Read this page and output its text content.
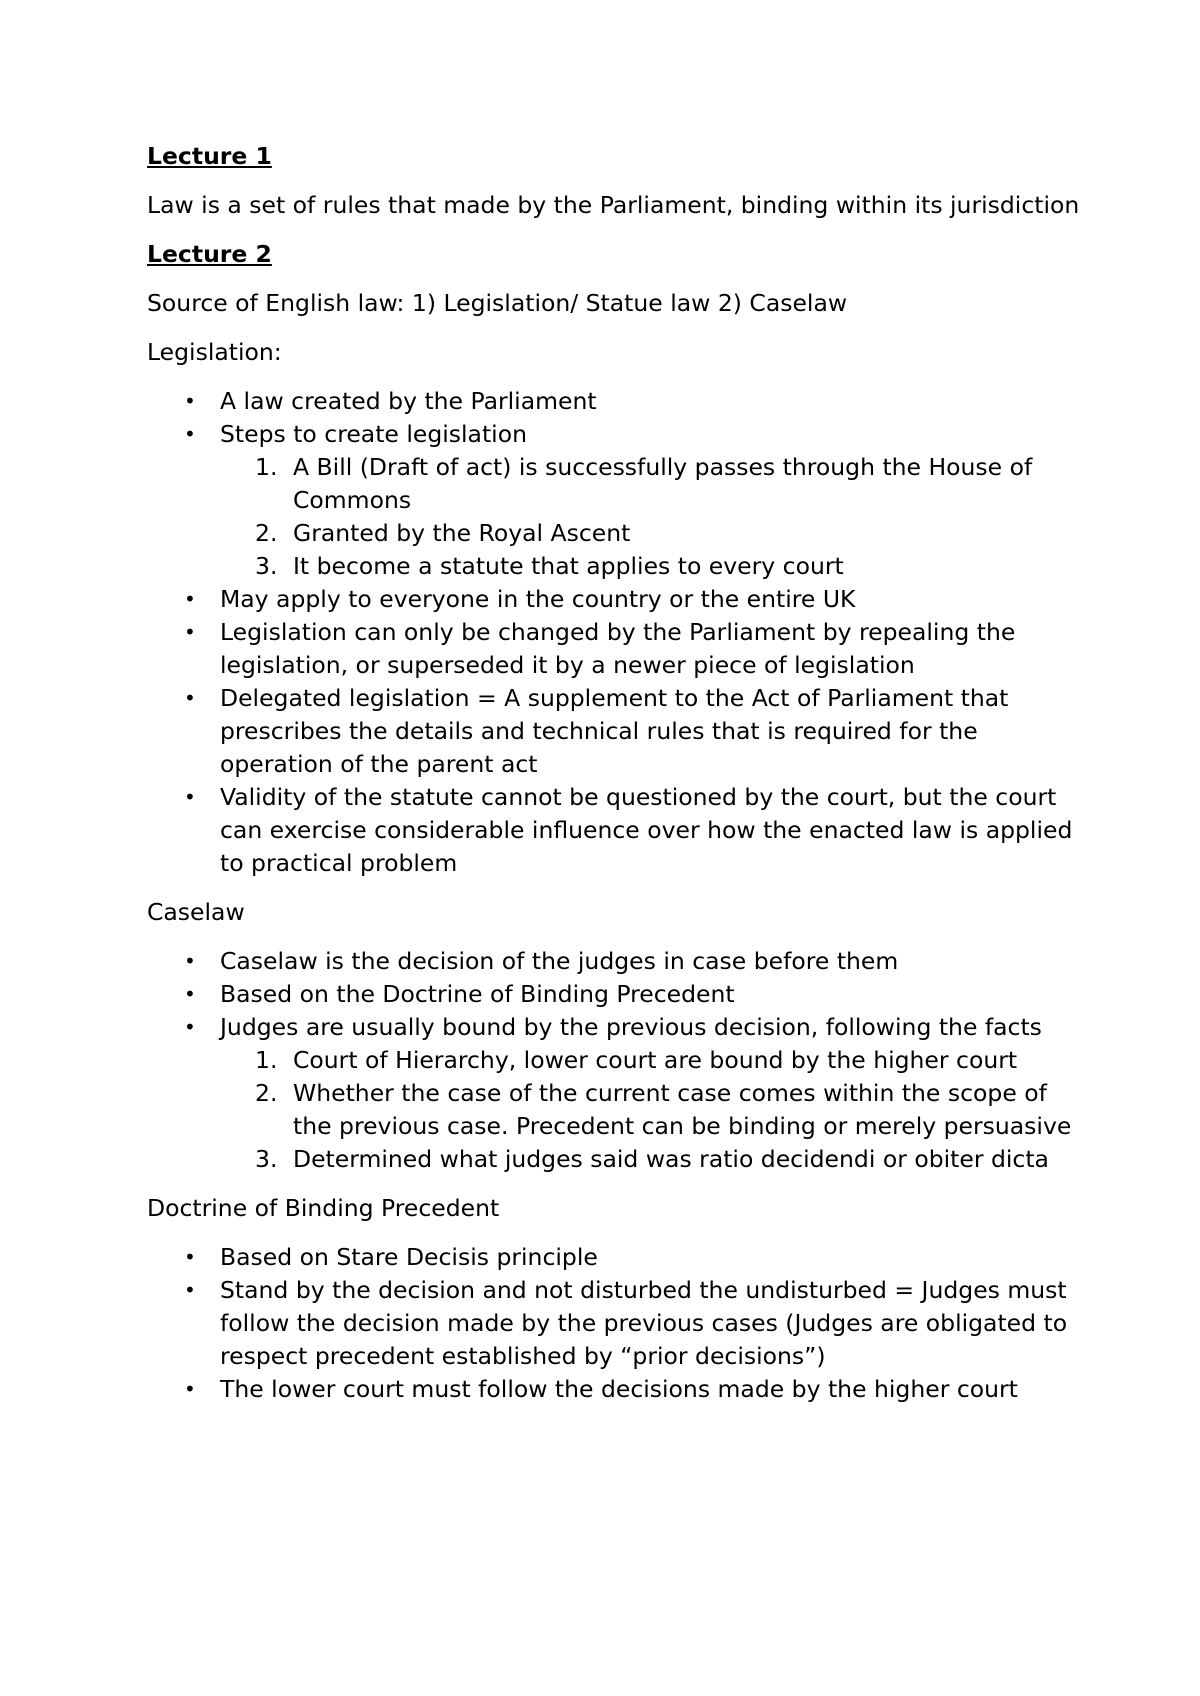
Lecture 1
Law is a set of rules that made by the Parliament, binding within its jurisdiction
Lecture 2
Source of English law: 1) Legislation/ Statue law 2) Caselaw
Legislation:
• A law created by the Parliament
• Steps to create legislation
1. A Bill (Draft of act) is successfully passes through the House of Commons
2. Granted by the Royal Ascent
3. It become a statute that applies to every court
• May apply to everyone in the country or the entire UK
• Legislation can only be changed by the Parliament by repealing the legislation, or superseded it by a newer piece of legislation
• Delegated legislation = A supplement to the Act of Parliament that prescribes the details and technical rules that is required for the operation of the parent act
• Validity of the statute cannot be questioned by the court, but the court can exercise considerable influence over how the enacted law is applied to practical problem
Caselaw
• Caselaw is the decision of the judges in case before them
• Based on the Doctrine of Binding Precedent
• Judges are usually bound by the previous decision, following the facts
1. Court of Hierarchy, lower court are bound by the higher court
2. Whether the case of the current case comes within the scope of the previous case. Precedent can be binding or merely persuasive
3. Determined what judges said was ratio decidendi or obiter dicta
Doctrine of Binding Precedent
• Based on Stare Decisis principle
• Stand by the decision and not disturbed the undisturbed = Judges must follow the decision made by the previous cases (Judges are obligated to respect precedent established by “prior decisions”)
• The lower court must follow the decisions made by the higher court
